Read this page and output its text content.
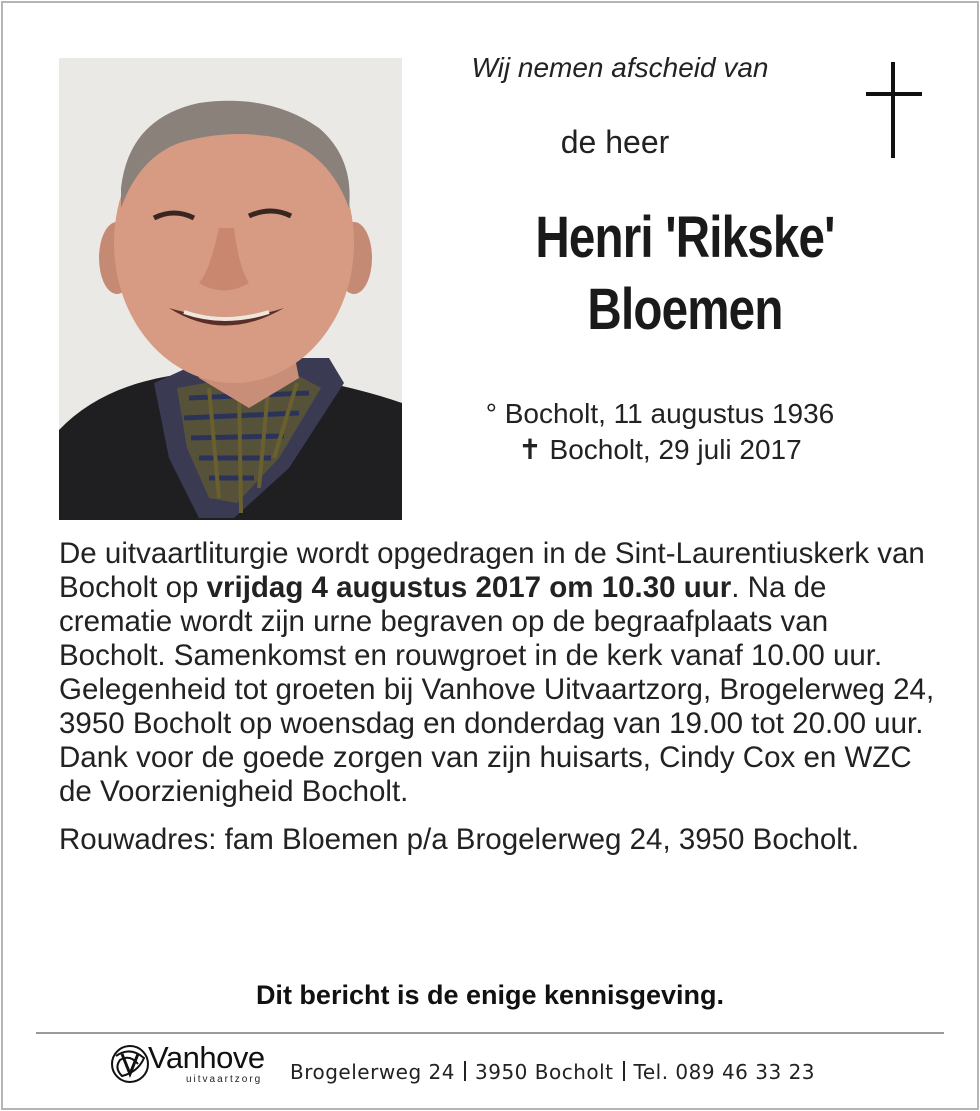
Wij nemen afscheid van
de heer
Henri 'Rikske'
Bloemen
° Bocholt, 11 augustus 1936
✝ Bocholt, 29 juli 2017

De uitvaartliturgie wordt opgedragen in de Sint-Laurentiuskerk van Bocholt op vrijdag 4 augustus 2017 om 10.30 uur. Na de crematie wordt zijn urne begraven op de begraafplaats van Bocholt. Samenkomst en rouwgroet in de kerk vanaf 10.00 uur.

Gelegenheid tot groeten bij Vanhove Uitvaartzorg, Brogelerweg 24, 3950 Bocholt op woensdag en donderdag van 19.00 tot 20.00 uur.

Dank voor de goede zorgen van zijn huisarts, Cindy Cox en WZC de Voorzienigheid Bocholt.

Rouwadres: fam Bloemen p/a Brogelerweg 24, 3950 Bocholt.

Dit bericht is de enige kennisgeving.
Vanhove
uitvaartzorg Brogelerweg 24 3950 Bocholt Tel. 089 46 33 23
